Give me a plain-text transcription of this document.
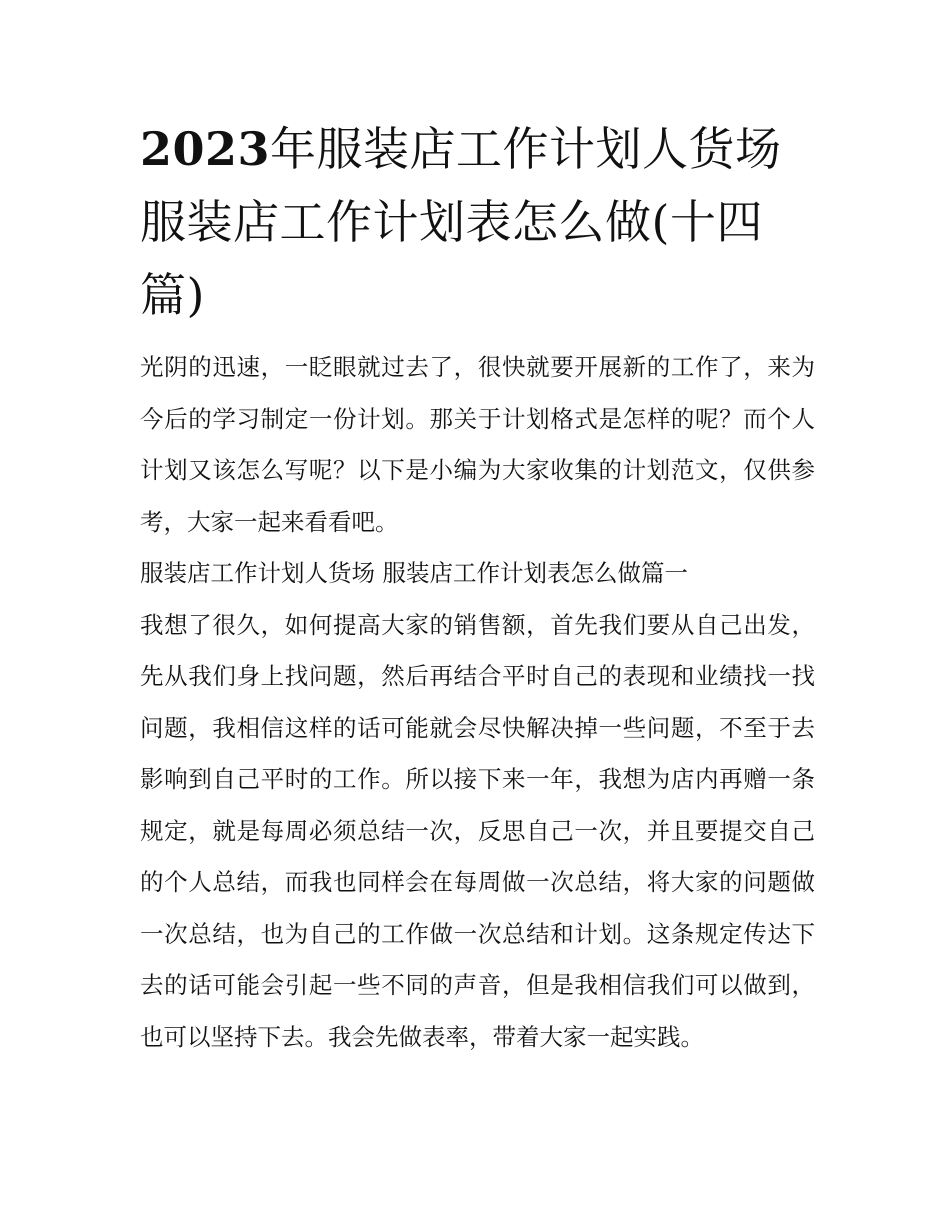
2023年服装店工作计划人货场 服装店工作计划表怎么做(十四篇)

光阴的迅速，一眨眼就过去了，很快就要开展新的工作了，来为今后的学习制定一份计划。那关于计划格式是怎样的呢？而个人计划又该怎么写呢？以下是小编为大家收集的计划范文，仅供参考，大家一起来看看吧。

服装店工作计划人货场 服装店工作计划表怎么做篇一

我想了很久，如何提高大家的销售额，首先我们要从自己出发，先从我们身上找问题，然后再结合平时自己的表现和业绩找一找问题，我相信这样的话可能就会尽快解决掉一些问题，不至于去影响到自己平时的工作。所以接下来一年，我想为店内再赠一条规定，就是每周必须总结一次，反思自己一次，并且要提交自己的个人总结，而我也同样会在每周做一次总结，将大家的问题做一次总结，也为自己的工作做一次总结和计划。这条规定传达下去的话可能会引起一些不同的声音，但是我相信我们可以做到，也可以坚持下去。我会先做表率，带着大家一起实践。
